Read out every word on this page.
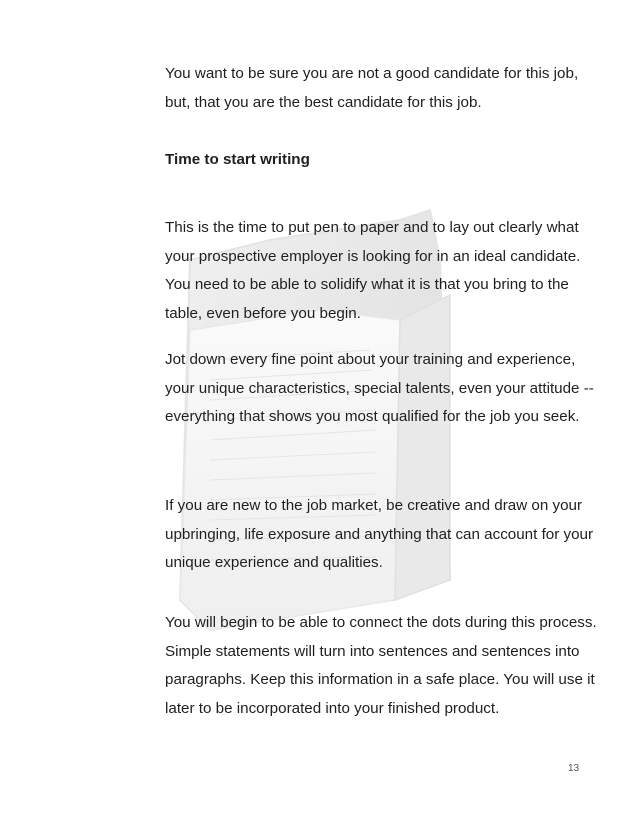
You want to be sure you are not a good candidate for this job, but, that you are the best candidate for this job.

Time to start writing

This is the time to put pen to paper and to lay out clearly what your prospective employer is looking for in an ideal candidate. You need to be able to solidify what it is that you bring to the table, even before you begin.

Jot down every fine point about your training and experience, your unique characteristics, special talents, even your attitude -- everything that shows you most qualified for the job you seek.

If you are new to the job market, be creative and draw on your upbringing, life exposure and anything that can account for your unique experience and qualities.

You will begin to be able to connect the dots during this process. Simple statements will turn into sentences and sentences into paragraphs. Keep this information in a safe place. You will use it later to be incorporated into your finished product.

13
